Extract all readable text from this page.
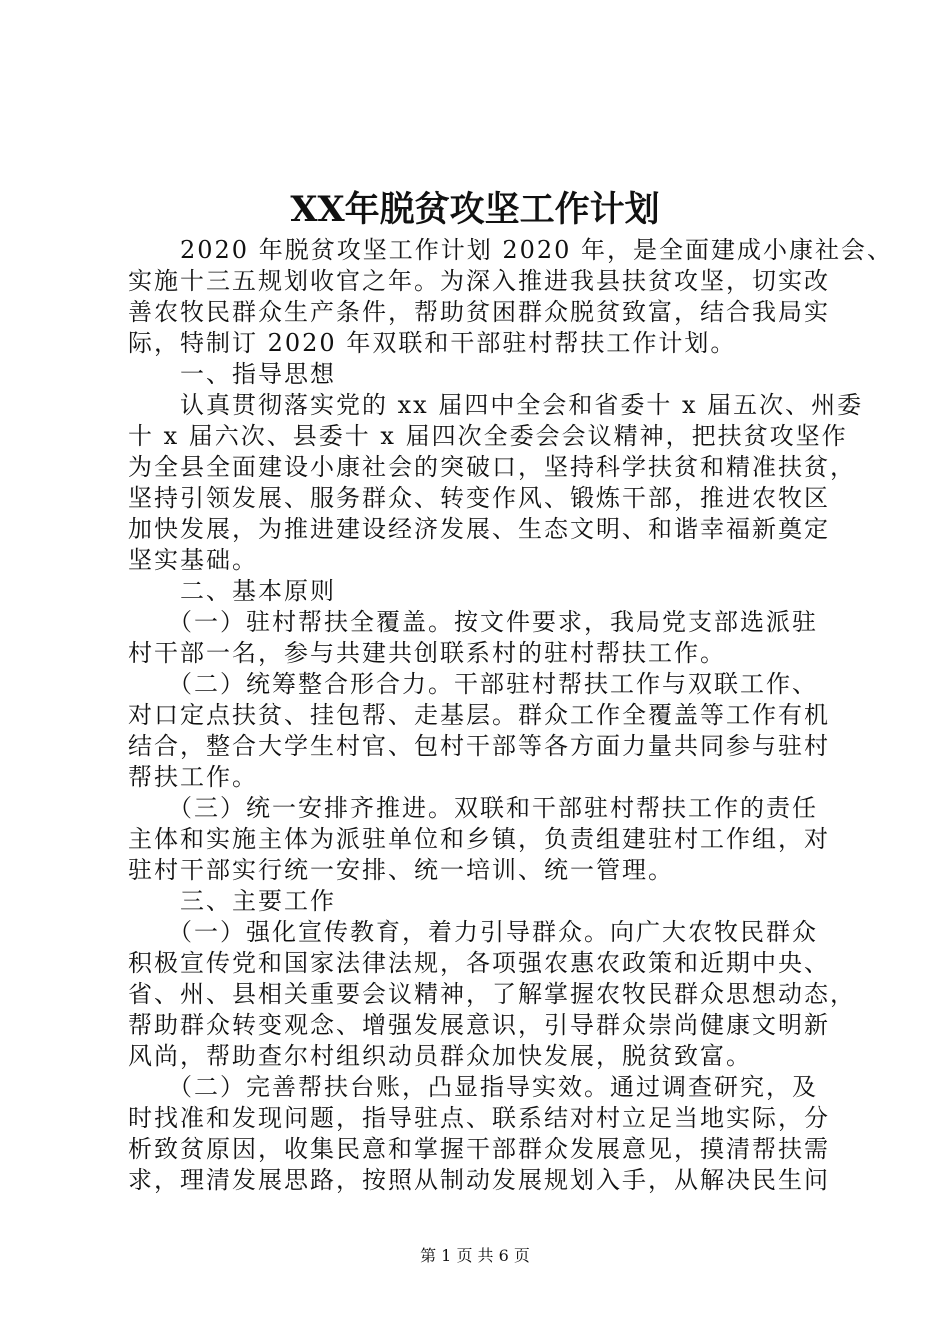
XX年脱贫攻坚工作计划
　　2020 年脱贫攻坚工作计划 2020 年，是全面建成小康社会、
实施十三五规划收官之年。为深入推进我县扶贫攻坚，切实改
善农牧民群众生产条件，帮助贫困群众脱贫致富，结合我局实
际，特制订 2020 年双联和干部驻村帮扶工作计划。
　　一、指导思想
　　认真贯彻落实党的 xx 届四中全会和省委十 x 届五次、州委
十 x 届六次、县委十 x 届四次全委会会议精神，把扶贫攻坚作
为全县全面建设小康社会的突破口，坚持科学扶贫和精准扶贫，
坚持引领发展、服务群众、转变作风、锻炼干部，推进农牧区
加快发展，为推进建设经济发展、生态文明、和谐幸福新奠定
坚实基础。
　　二、基本原则
　　（一）驻村帮扶全覆盖。按文件要求，我局党支部选派驻
村干部一名，参与共建共创联系村的驻村帮扶工作。
　　（二）统筹整合形合力。干部驻村帮扶工作与双联工作、
对口定点扶贫、挂包帮、走基层。群众工作全覆盖等工作有机
结合，整合大学生村官、包村干部等各方面力量共同参与驻村
帮扶工作。
　　（三）统一安排齐推进。双联和干部驻村帮扶工作的责任
主体和实施主体为派驻单位和乡镇，负责组建驻村工作组，对
驻村干部实行统一安排、统一培训、统一管理。
　　三、主要工作
　　（一）强化宣传教育，着力引导群众。向广大农牧民群众
积极宣传党和国家法律法规，各项强农惠农政策和近期中央、
省、州、县相关重要会议精神，了解掌握农牧民群众思想动态，
帮助群众转变观念、增强发展意识，引导群众崇尚健康文明新
风尚，帮助查尔村组织动员群众加快发展，脱贫致富。
　　（二）完善帮扶台账，凸显指导实效。通过调查研究，及
时找准和发现问题，指导驻点、联系结对村立足当地实际，分
析致贫原因，收集民意和掌握干部群众发展意见，摸清帮扶需
求，理清发展思路，按照从制动发展规划入手，从解决民生问
第 1 页 共 6 页
